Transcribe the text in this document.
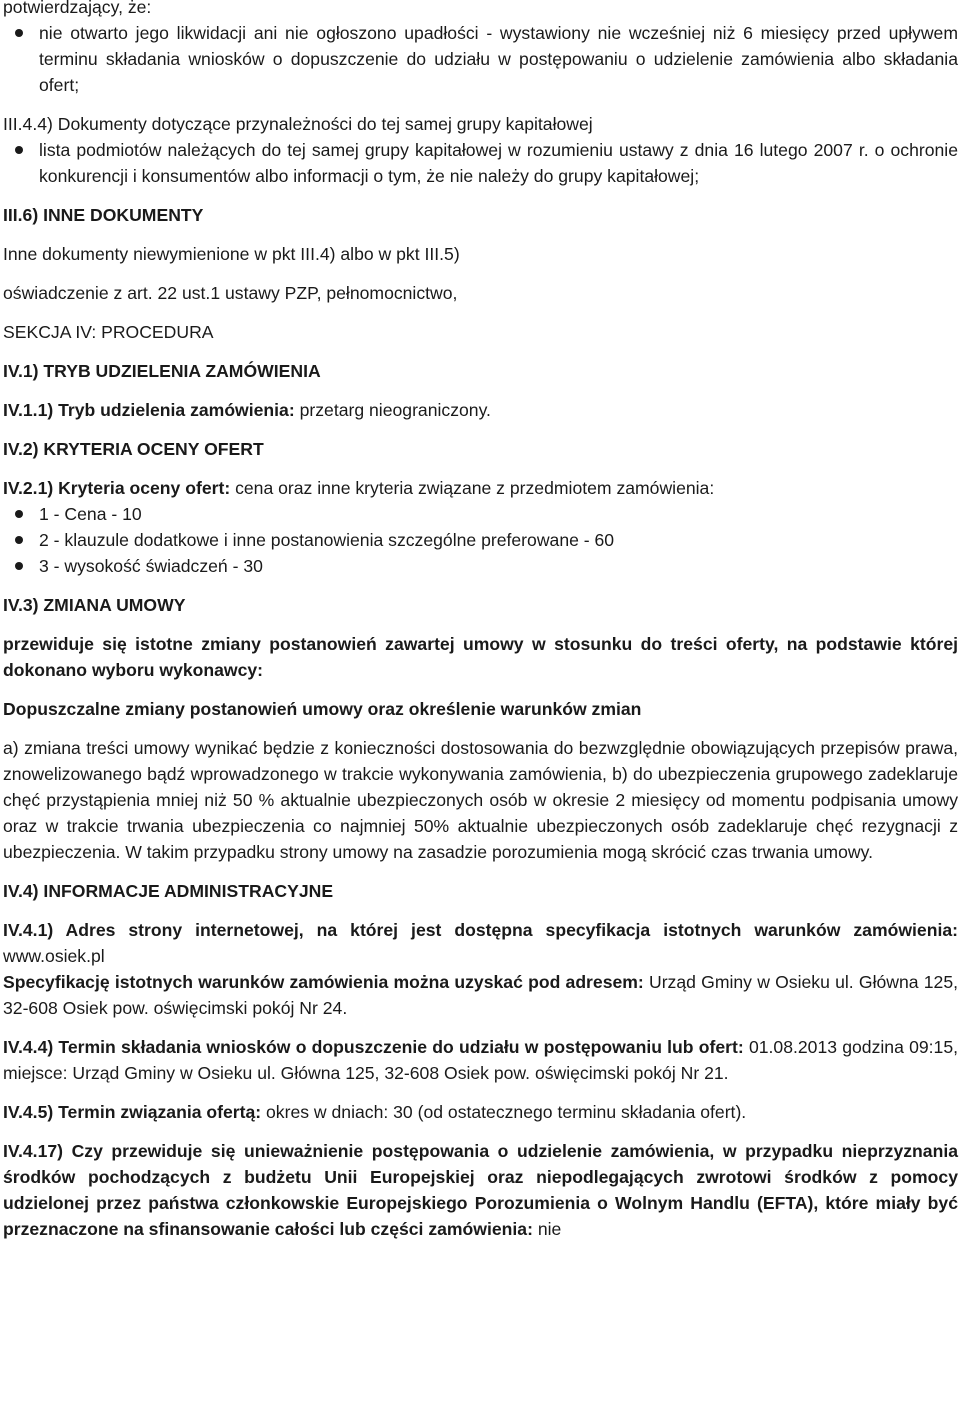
potwierdzający, że:

nie otwarto jego likwidacji ani nie ogłoszono upadłości - wystawiony nie wcześniej niż 6 miesięcy przed upływem terminu składania wniosków o dopuszczenie do udziału w postępowaniu o udzielenie zamówienia albo składania ofert;

III.4.4) Dokumenty dotyczące przynależności do tej samej grupy kapitałowej

lista podmiotów należących do tej samej grupy kapitałowej w rozumieniu ustawy z dnia 16 lutego 2007 r. o ochronie konkurencji i konsumentów albo informacji o tym, że nie należy do grupy kapitałowej;

III.6) INNE DOKUMENTY

Inne dokumenty niewymienione w pkt III.4) albo w pkt III.5)

oświadczenie z art. 22 ust.1 ustawy PZP, pełnomocnictwo,

SEKCJA IV: PROCEDURA

IV.1) TRYB UDZIELENIA ZAMÓWIENIA

IV.1.1) Tryb udzielenia zamówienia: przetarg nieograniczony.

IV.2) KRYTERIA OCENY OFERT

IV.2.1) Kryteria oceny ofert: cena oraz inne kryteria związane z przedmiotem zamówienia:

1 - Cena - 10
2 - klauzule dodatkowe i inne postanowienia szczególne preferowane - 60
3 - wysokość świadczeń - 30

IV.3) ZMIANA UMOWY

przewiduje się istotne zmiany postanowień zawartej umowy w stosunku do treści oferty, na podstawie której dokonano wyboru wykonawcy:

Dopuszczalne zmiany postanowień umowy oraz określenie warunków zmian

a) zmiana treści umowy wynikać będzie z konieczności dostosowania do bezwzględnie obowiązujących przepisów prawa, znowelizowanego bądź wprowadzonego w trakcie wykonywania zamówienia, b) do ubezpieczenia grupowego zadeklaruje chęć przystąpienia mniej niż 50 % aktualnie ubezpieczonych osób w okresie 2 miesięcy od momentu podpisania umowy oraz w trakcie trwania ubezpieczenia co najmniej 50% aktualnie ubezpieczonych osób zadeklaruje chęć rezygnacji z ubezpieczenia. W takim przypadku strony umowy na zasadzie porozumienia mogą skrócić czas trwania umowy.

IV.4) INFORMACJE ADMINISTRACYJNE

IV.4.1) Adres strony internetowej, na której jest dostępna specyfikacja istotnych warunków zamówienia: www.osiek.pl

Specyfikację istotnych warunków zamówienia można uzyskać pod adresem: Urząd Gminy w Osieku ul. Główna 125, 32-608 Osiek pow. oświęcimski pokój Nr 24.

IV.4.4) Termin składania wniosków o dopuszczenie do udziału w postępowaniu lub ofert: 01.08.2013 godzina 09:15, miejsce: Urząd Gminy w Osieku ul. Główna 125, 32-608 Osiek pow. oświęcimski pokój Nr 21.

IV.4.5) Termin związania ofertą: okres w dniach: 30 (od ostatecznego terminu składania ofert).

IV.4.17) Czy przewiduje się unieważnienie postępowania o udzielenie zamówienia, w przypadku nieprzyznania środków pochodzących z budżetu Unii Europejskiej oraz niepodlegających zwrotowi środków z pomocy udzielonej przez państwa członkowskie Europejskiego Porozumienia o Wolnym Handlu (EFTA), które miały być przeznaczone na sfinansowanie całości lub części zamówienia: nie
